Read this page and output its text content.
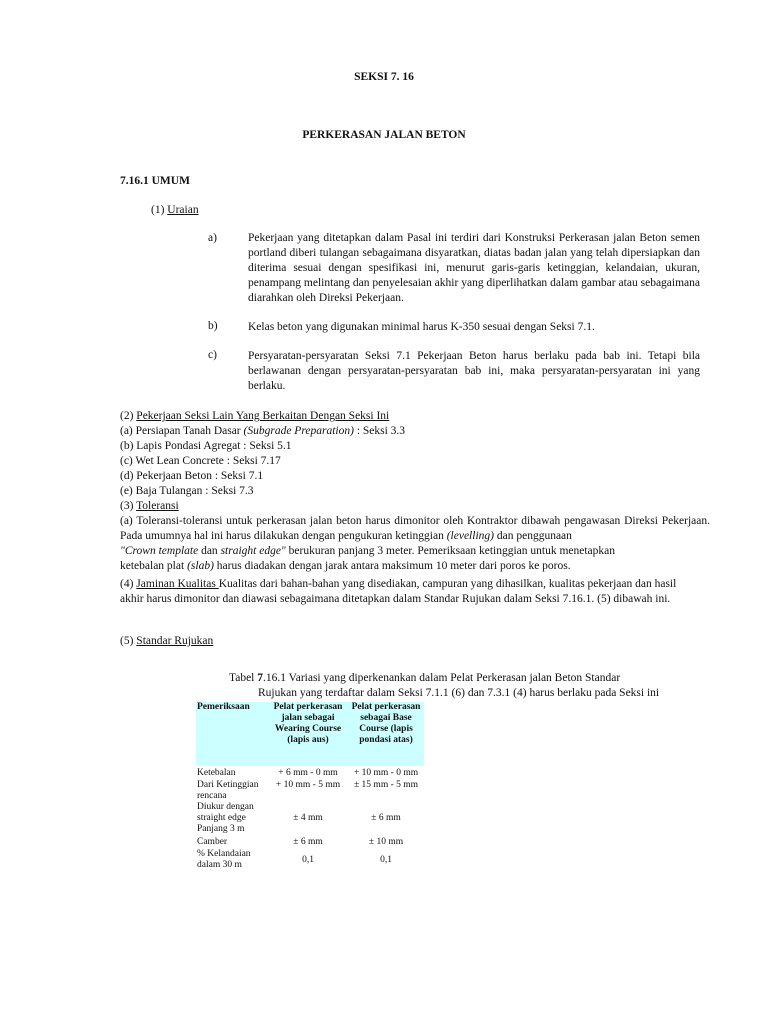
SEKSI 7. 16
PERKERASAN JALAN BETON
7.16.1 UMUM
(1) Uraian
a)	Pekerjaan yang ditetapkan dalam Pasal ini terdiri dari Konstruksi Perkerasan jalan Beton semen portland diberi tulangan sebagaimana disyaratkan, diatas badan jalan yang telah dipersiapkan dan diterima sesuai dengan spesifikasi ini, menurut garis-garis ketinggian, kelandaian, ukuran, penampang melintang dan penyelesaian akhir yang diperlihatkan dalam gambar atau sebagaimana diarahkan oleh Direksi Pekerjaan.
b)	Kelas beton yang digunakan minimal harus K-350 sesuai dengan Seksi 7.1.
c)	Persyaratan-persyaratan Seksi 7.1 Pekerjaan Beton harus berlaku pada bab ini. Tetapi bila berlawanan dengan persyaratan-persyaratan bab ini, maka persyaratan-persyaratan ini yang berlaku.
(2) Pekerjaan Seksi Lain Yang Berkaitan Dengan Seksi Ini
(a) Persiapan Tanah Dasar (Subgrade Preparation) : Seksi 3.3
(b) Lapis Pondasi Agregat : Seksi 5.1
(c) Wet Lean Concrete : Seksi 7.17
(d) Pekerjaan Beton : Seksi 7.1
(e) Baja Tulangan : Seksi 7.3
(3) Toleransi
(a) Toleransi-toleransi untuk perkerasan jalan beton harus dimonitor oleh Kontraktor dibawah pengawasan Direksi Pekerjaan. Pada umumnya hal ini harus dilakukan dengan pengukuran ketinggian (levelling) dan penggunaan
"Crown template dan straight edge" berukuran panjang 3 meter. Pemeriksaan ketinggian untuk menetapkan
ketebalan plat (slab) harus diadakan dengan jarak antara maksimum 10 meter dari poros ke poros.
(4) Jaminan Kualitas Kualitas dari bahan-bahan yang disediakan, campuran yang dihasilkan, kualitas pekerjaan dan hasil akhir harus dimonitor dan diawasi sebagaimana ditetapkan dalam Standar Rujukan dalam Seksi 7.16.1. (5) dibawah ini.
(5) Standar Rujukan
Tabel 7.16.1 Variasi yang diperkenankan dalam Pelat Perkerasan jalan Beton Standar
Rujukan yang terdaftar dalam Seksi 7.1.1 (6) dan 7.3.1 (4) harus berlaku pada Seksi ini
Pemeriksaan	Pelat perkerasan jalan sebagai Wearing Course (lapis aus)	Pelat perkerasan sebagai Base Course (lapis pondasi atas)
Ketebalan	+ 6 mm - 0 mm	+ 10 mm - 0 mm
Dari Ketinggian rencana	+ 10 mm - 5 mm	± 15 mm - 5 mm
Diukur dengan straight edge Panjang 3 m	± 4 mm	± 6 mm
Camber	± 6 mm	± 10 mm
% Kelandaian dalam 30 m	0,1	0,1
